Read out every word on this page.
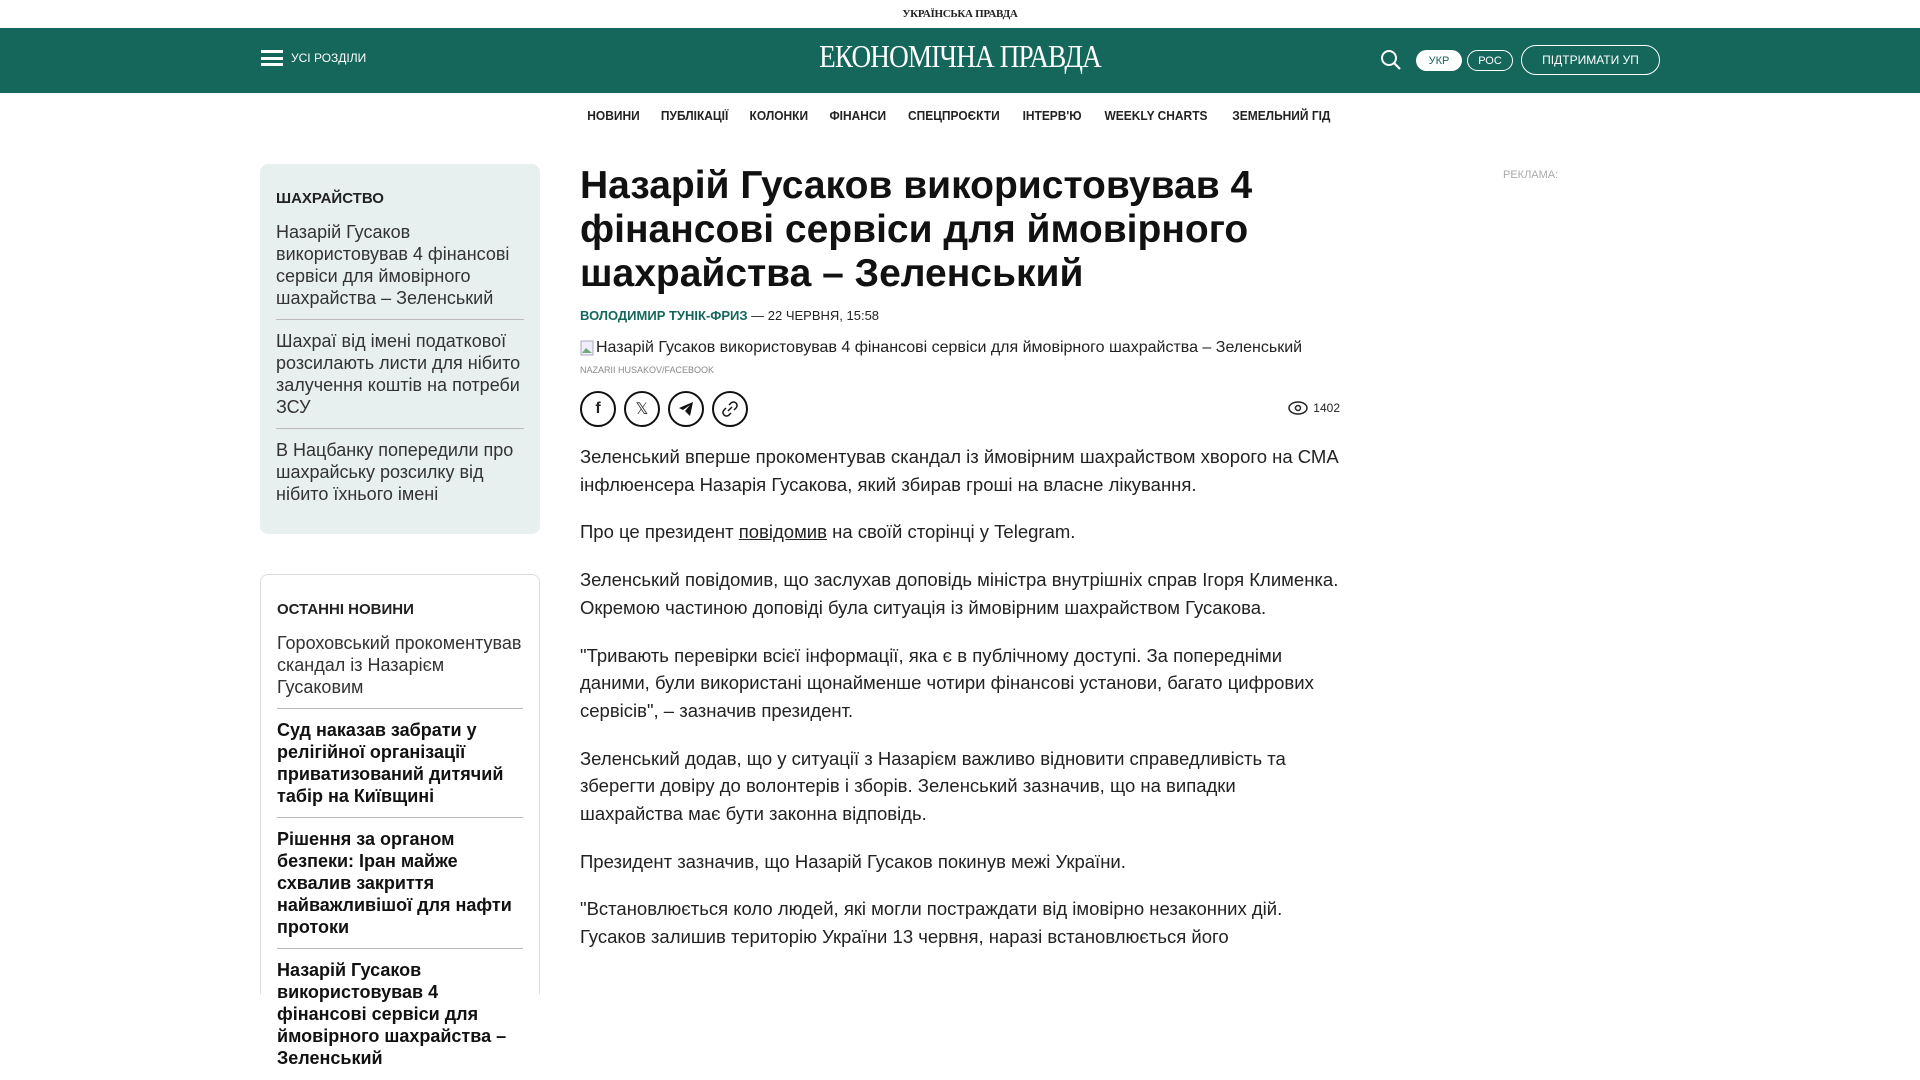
УКРАЇНСЬКА ПРАВДА
УСІ РОЗДІЛИ	ЕКОНОМІЧНА ПРАВДА	УКР	РОС	ПІДТРИМАТИ УП
НОВИНИ ПУБЛІКАЦІЇ КОЛОНКИ ФІНАНСИ СПЕЦПРОЄКТИ ІНТЕРВ'Ю WEEKLY CHARTS ЗЕМЕЛЬНИЙ ГІД
ШАХРАЙСТВО
Назарій Гусаков використовував 4 фінансові сервіси для ймовірного шахрайства – Зеленський
Шахраї від імені податкової розсилають листи для нібито залучення коштів на потреби ЗСУ
В Нацбанку попередили про шахрайську розсилку від нібито їхнього імені
ОСТАННІ НОВИНИ
Гороховський прокоментував скандал із Назарієм Гусаковим
Суд наказав забрати у релігійної організації приватизований дитячий табір на Київщині
Рішення за органом безпеки: Іран майже схвалив закриття найважливішої для нафти протоки
Назарій Гусаков використовував 4 фінансові сервіси для ймовірного шахрайства – Зеленський
Назарій Гусаков використовував 4 фінансові сервіси для ймовірного шахрайства – Зеленський
ВОЛОДИМИР ТУНІК-ФРИЗ — 22 ЧЕРВНЯ, 15:58
Назарій Гусаков використовував 4 фінансові сервіси для ймовірного шахрайства – Зеленський
NAZARII HUSAKOV/FACEBOOK
f	𝕏	1402

Зеленський вперше прокоментував скандал із ймовірним шахрайством хворого на СМА інфлюенсера Назарія Гусакова, який збирав гроші на власне лікування.

Про це президент повідомив на своїй сторінці у Telegram.

Зеленський повідомив, що заслухав доповідь міністра внутрішніх справ Ігоря Клименка. Окремою частиною доповіді була ситуація із ймовірним шахрайством Гусакова.

"Тривають перевірки всієї інформації, яка є в публічному доступі. За попередніми даними, були використані щонайменше чотири фінансові установи, багато цифрових сервісів", – зазначив президент.

Зеленський додав, що у ситуації з Назарієм важливо відновити справедливість та зберегти довіру до волонтерів і зборів. Зеленський зазначив, що на випадки шахрайства має бути законна відповідь.

Президент зазначив, що Назарій Гусаков покинув межі України.

"Встановлюється коло людей, які могли постраждати від імовірно незаконних дій. Гусаков залишив територію України 13 червня, наразі встановлюється його

РЕКЛАМА:
